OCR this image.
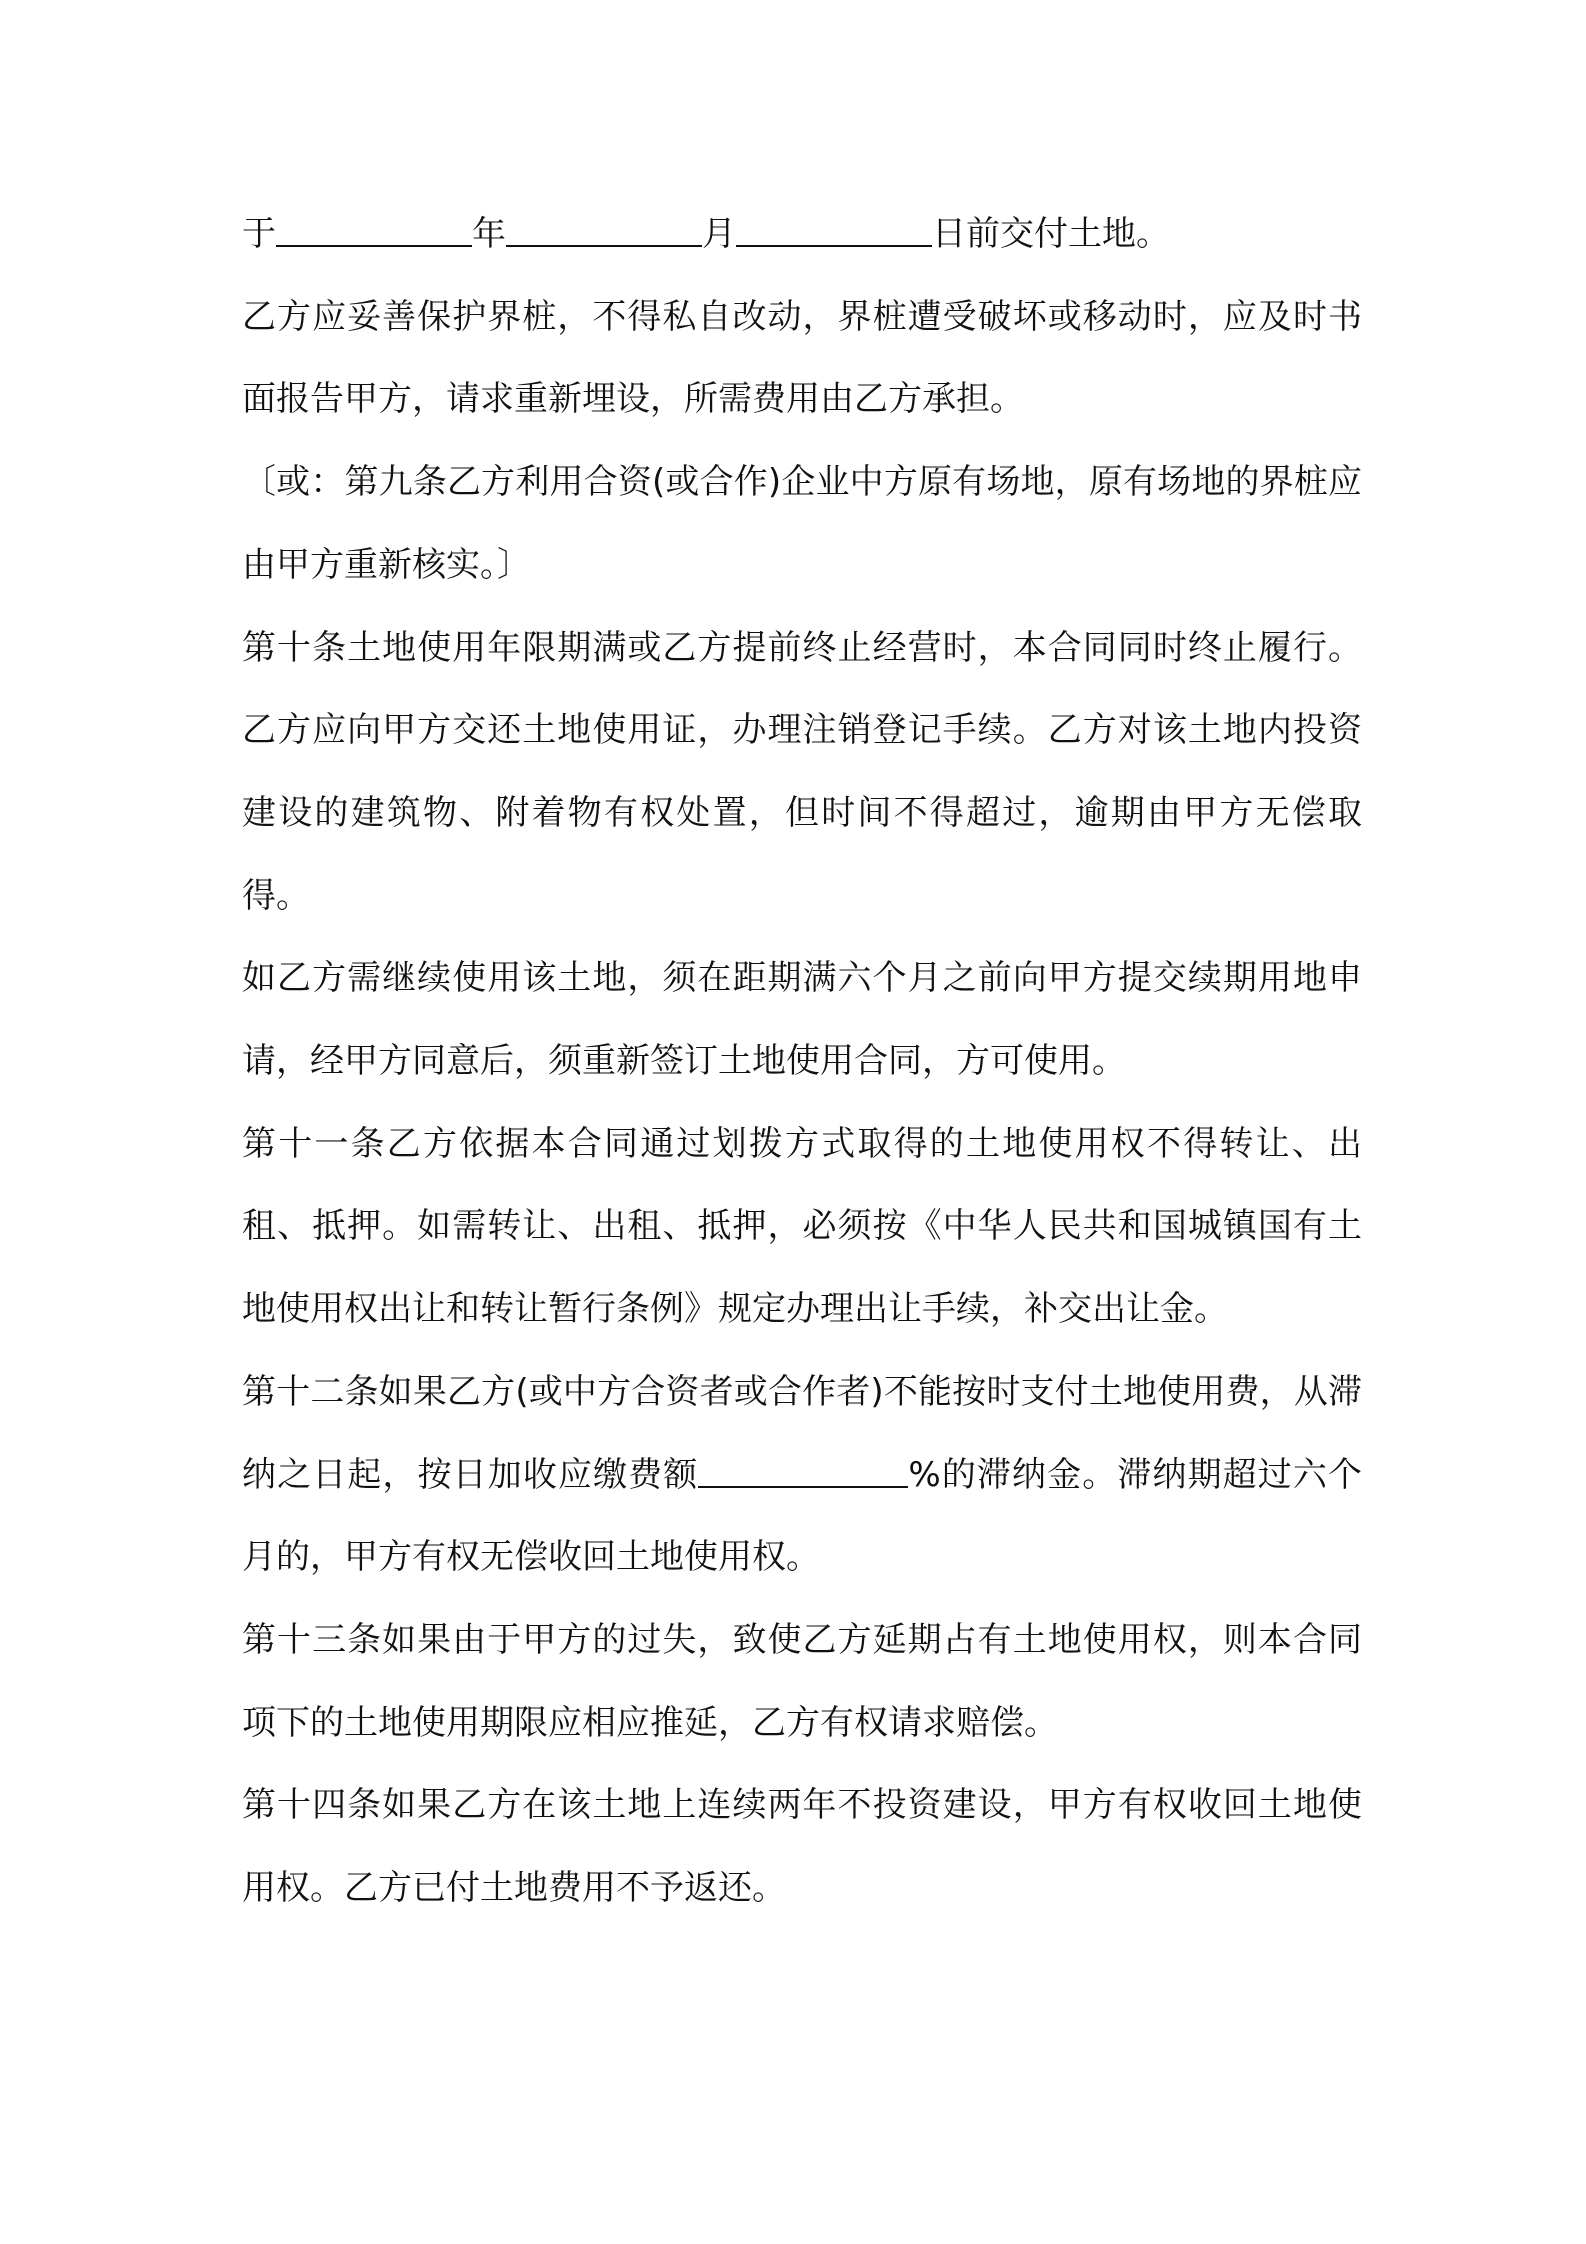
于	年	月	日前交付土地。

乙方应妥善保护界桩，不得私自改动，界桩遭受破坏或移动时，应及时书面报告甲方，请求重新埋设，所需费用由乙方承担。

〔或：第九条乙方利用合资(或合作)企业中方原有场地，原有场地的界桩应由甲方重新核实。〕

第十条土地使用年限期满或乙方提前终止经营时，本合同同时终止履行。乙方应向甲方交还土地使用证，办理注销登记手续。乙方对该土地内投资建设的建筑物、附着物有权处置，但时间不得超过，逾期由甲方无偿取得。

如乙方需继续使用该土地，须在距期满六个月之前向甲方提交续期用地申请，经甲方同意后，须重新签订土地使用合同，方可使用。

第十一条乙方依据本合同通过划拨方式取得的土地使用权不得转让、出租、抵押。如需转让、出租、抵押，必须按《中华人民共和国城镇国有土地使用权出让和转让暂行条例》规定办理出让手续，补交出让金。

第十二条如果乙方(或中方合资者或合作者)不能按时支付土地使用费，从滞纳之日起，按日加收应缴费额	%的滞纳金。滞纳期超过六个月的，甲方有权无偿收回土地使用权。

第十三条如果由于甲方的过失，致使乙方延期占有土地使用权，则本合同项下的土地使用期限应相应推延，乙方有权请求赔偿。

第十四条如果乙方在该土地上连续两年不投资建设，甲方有权收回土地使用权。乙方已付土地费用不予返还。
